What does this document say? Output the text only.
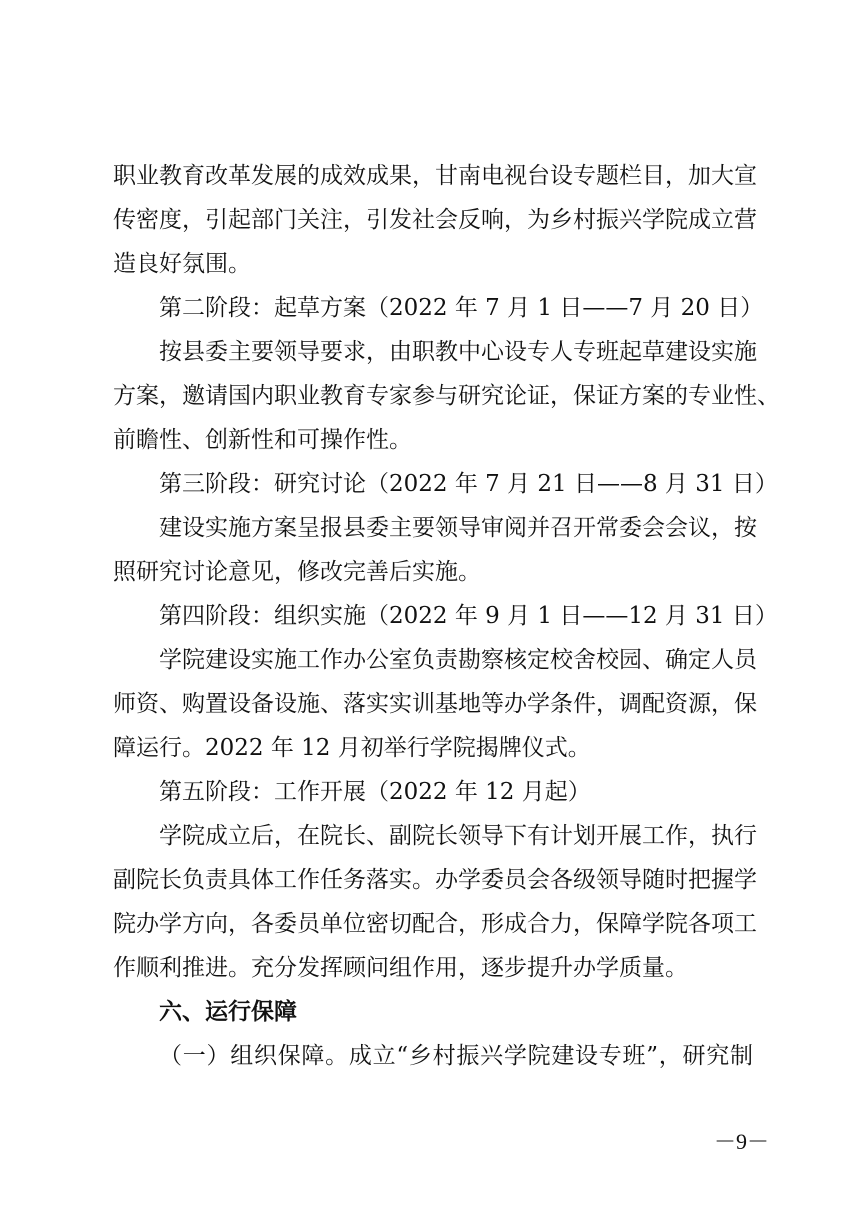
职业教育改革发展的成效成果，甘南电视台设专题栏目，加大宣
传密度，引起部门关注，引发社会反响，为乡村振兴学院成立营
造良好氛围。
第二阶段：起草方案（2022 年 7 月 1 日——7 月 20 日）
按县委主要领导要求，由职教中心设专人专班起草建设实施
方案，邀请国内职业教育专家参与研究论证，保证方案的专业性、
前瞻性、创新性和可操作性。
第三阶段：研究讨论（2022 年 7 月 21 日——8 月 31 日）
建设实施方案呈报县委主要领导审阅并召开常委会会议，按
照研究讨论意见，修改完善后实施。
第四阶段：组织实施（2022 年 9 月 1 日——12 月 31 日）
学院建设实施工作办公室负责勘察核定校舍校园、确定人员
师资、购置设备设施、落实实训基地等办学条件，调配资源，保
障运行。2022 年 12 月初举行学院揭牌仪式。
第五阶段：工作开展（2022 年 12 月起）
学院成立后，在院长、副院长领导下有计划开展工作，执行
副院长负责具体工作任务落实。办学委员会各级领导随时把握学
院办学方向，各委员单位密切配合，形成合力，保障学院各项工
作顺利推进。充分发挥顾问组作用，逐步提升办学质量。
六、运行保障
（一）组织保障。成立“乡村振兴学院建设专班”，研究制
－9－
